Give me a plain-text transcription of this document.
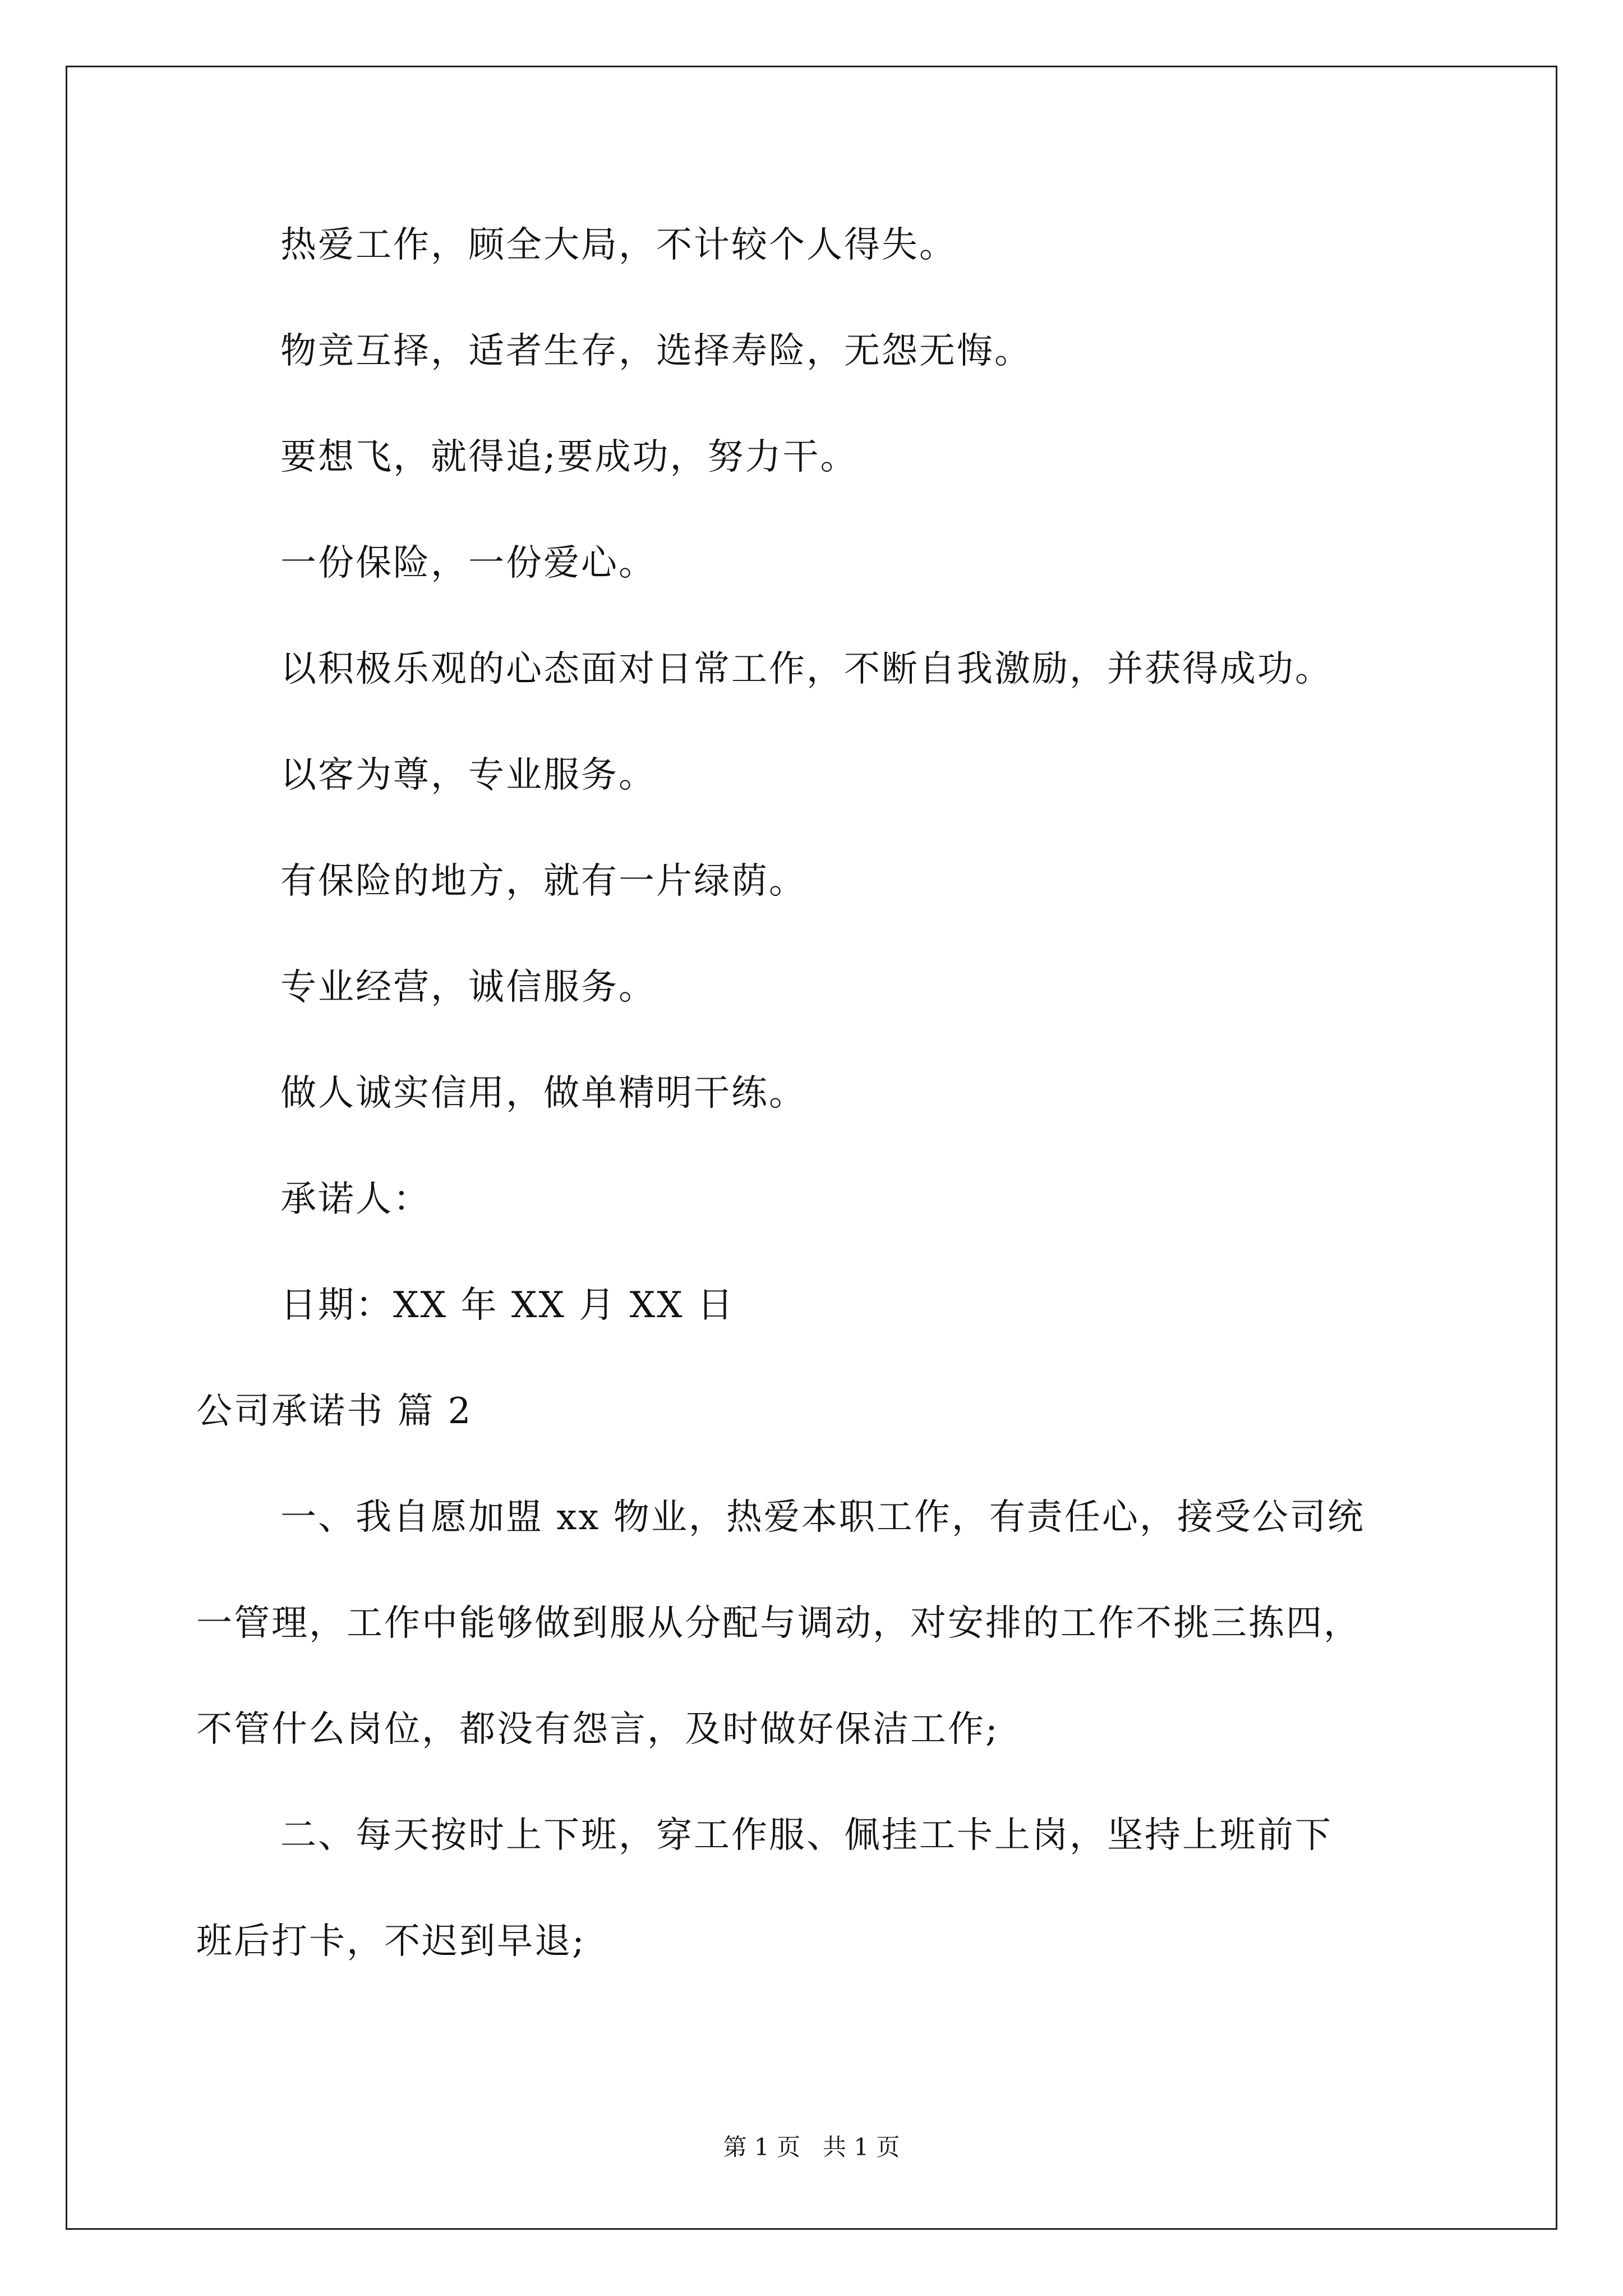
热爱工作，顾全大局，不计较个人得失。
物竞互择，适者生存，选择寿险，无怨无悔。
要想飞，就得追;要成功，努力干。
一份保险，一份爱心。
以积极乐观的心态面对日常工作，不断自我激励，并获得成功。
以客为尊，专业服务。
有保险的地方，就有一片绿荫。
专业经营，诚信服务。
做人诚实信用，做单精明干练。
承诺人：
日期：XX 年 XX 月 XX 日
公司承诺书 篇 2
一、我自愿加盟 xx 物业，热爱本职工作，有责任心，接受公司统
一管理，工作中能够做到服从分配与调动，对安排的工作不挑三拣四，
不管什么岗位，都没有怨言，及时做好保洁工作;
二、每天按时上下班，穿工作服、佩挂工卡上岗，坚持上班前下
班后打卡，不迟到早退;
第 1 页 共 1 页
